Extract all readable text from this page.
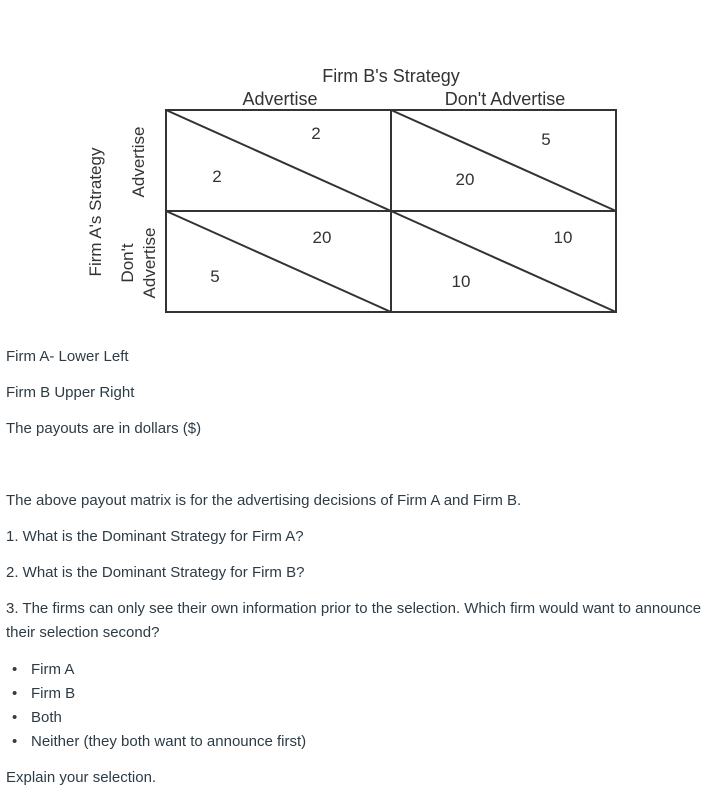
Firm B's Strategy
Advertise	Don't Advertise
Firm A's Strategy Advertise
Don't Advertise
2
2
5
20
20
5
10
10
Firm A- Lower Left
Firm B Upper Right
The payouts are in dollars ($)
The above payout matrix is for the advertising decisions of Firm A and Firm B.
1. What is the Dominant Strategy for Firm A?
2. What is the Dominant Strategy for Firm B?
3. The firms can only see their own information prior to the selection. Which firm would want to announce their selection second?
• Firm A
• Firm B
• Both
• Neither (they both want to announce first)
Explain your selection.
